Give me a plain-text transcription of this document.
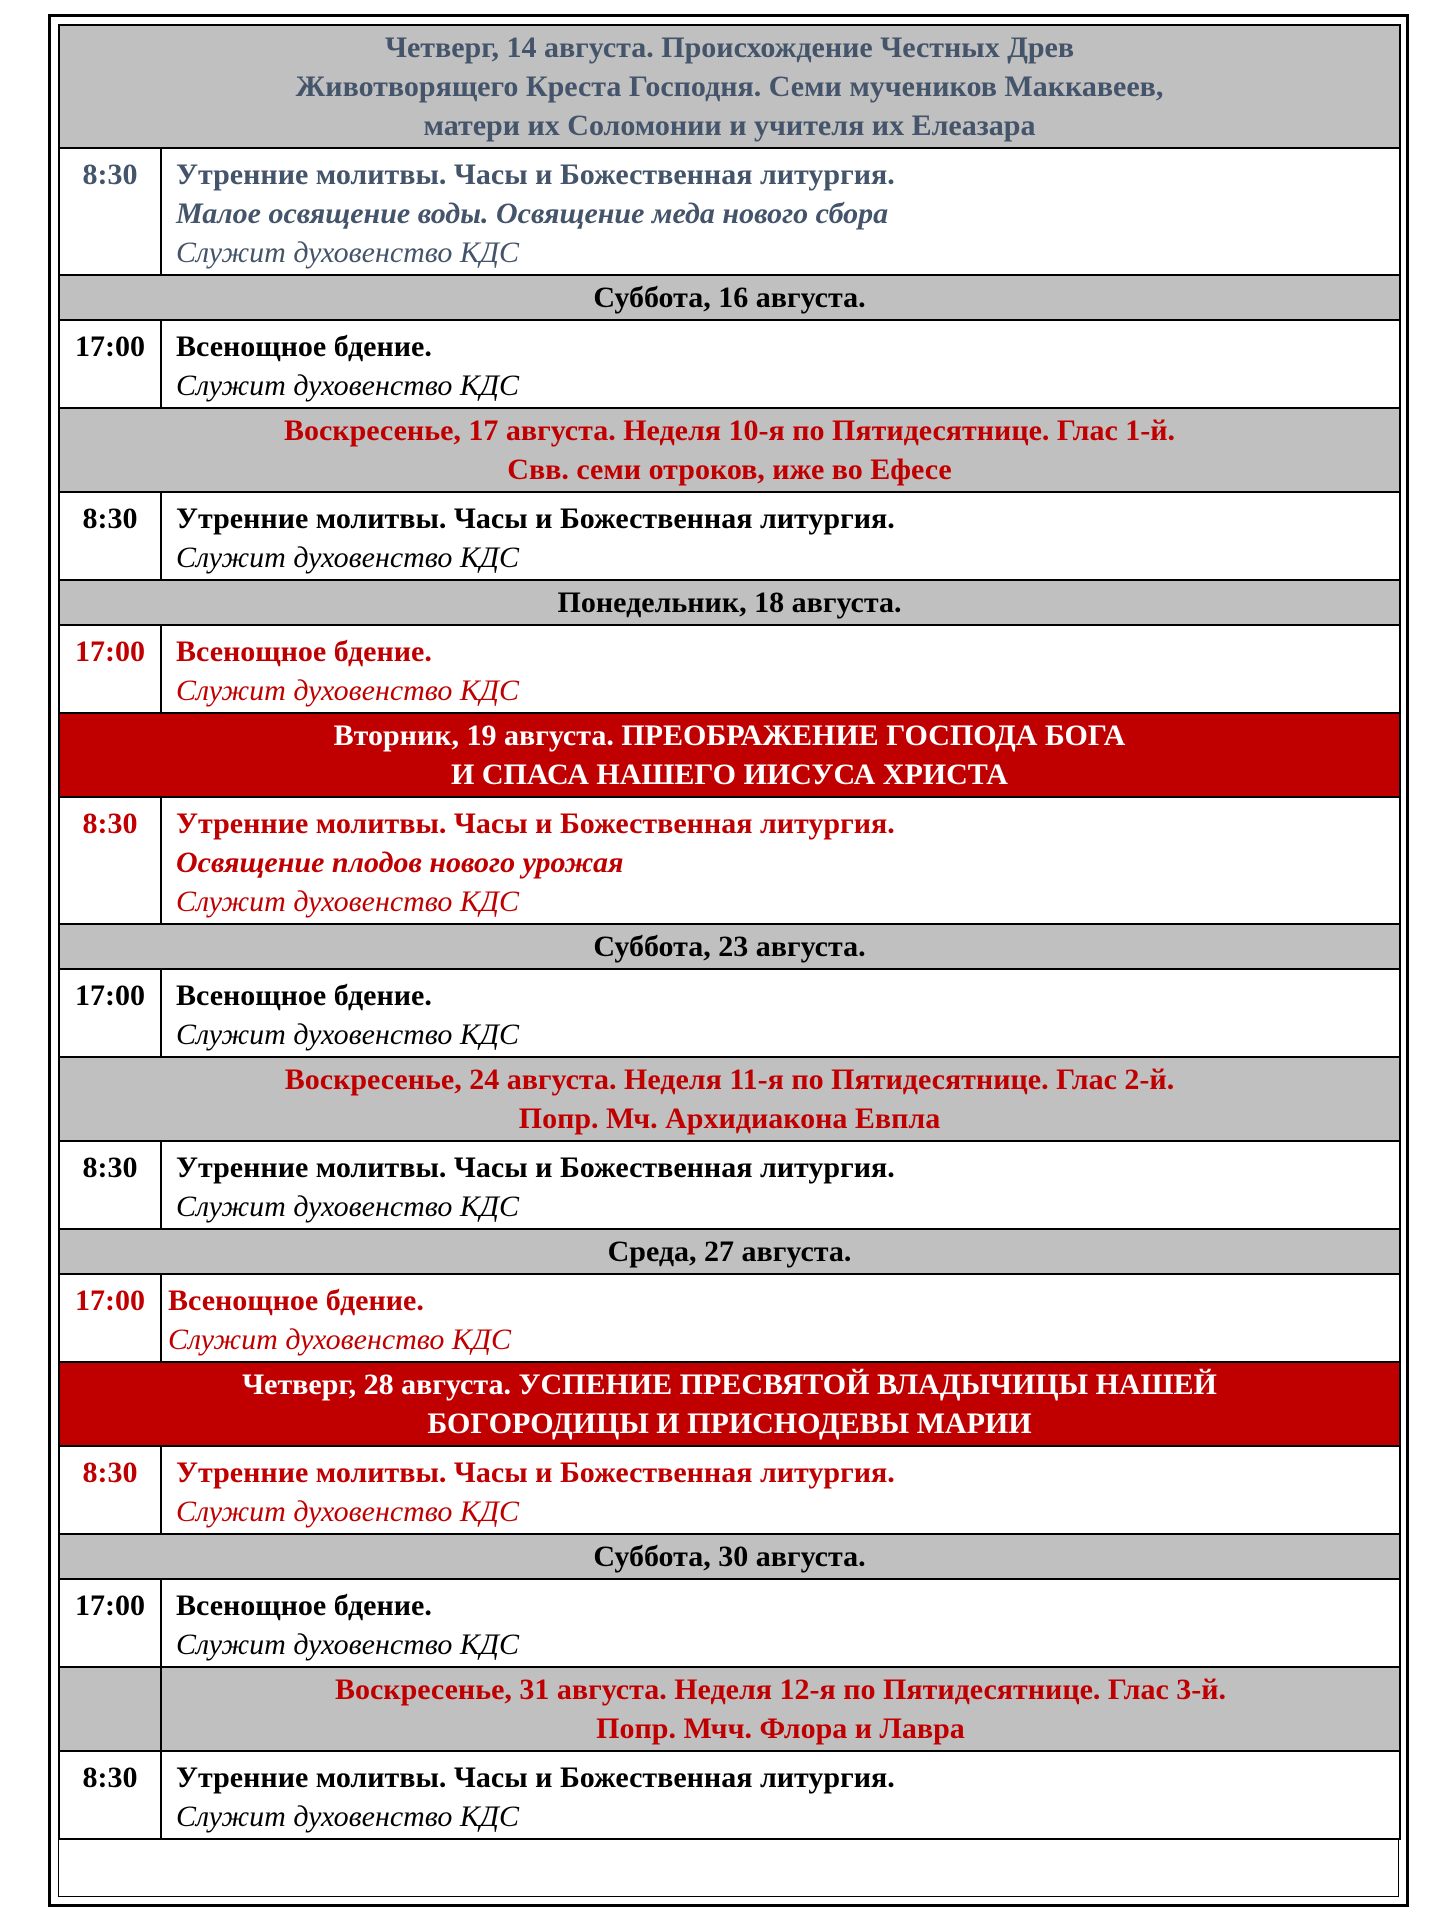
Четверг, 14 августа. Происхождение Честных Древ
Животворящего Креста Господня. Семи мучеников Маккавеев,
матери их Соломонии и учителя их Елеазара	

8:30	Утренние молитвы. Часы и Божественная литургия.
Малое освящение воды. Освящение меда нового сбора
Служит духовенство КДС

Суббота, 16 августа.	

17:00	Всенощное бдение.
Служит духовенство КДС

Воскресенье, 17 августа. Неделя 10-я по Пятидесятнице. Глас 1-й.
Свв. семи отроков, иже во Ефесе	

8:30	Утренние молитвы. Часы и Божественная литургия.
Служит духовенство КДС

Понедельник, 18 августа.	

17:00	Всенощное бдение.
Служит духовенство КДС

Вторник, 19 августа. ПРЕОБРАЖЕНИЕ ГОСПОДА БОГА
И СПАСА НАШЕГО ИИСУСА ХРИСТА	

8:30	Утренние молитвы. Часы и Божественная литургия.
Освящение плодов нового урожая
Служит духовенство КДС

Суббота, 23 августа.	

17:00	Всенощное бдение.
Служит духовенство КДС

Воскресенье, 24 августа. Неделя 11-я по Пятидесятнице. Глас 2-й.
Попр. Мч. Архидиакона Евпла	

8:30	Утренние молитвы. Часы и Божественная литургия.
Служит духовенство КДС

Среда, 27 августа.	

17:00	Всенощное бдение.
Служит духовенство КДС

Четверг, 28 августа. УСПЕНИЕ ПРЕСВЯТОЙ ВЛАДЫЧИЦЫ НАШЕЙ
БОГОРОДИЦЫ И ПРИСНОДЕВЫ МАРИИ	

8:30	Утренние молитвы. Часы и Божественная литургия.
Служит духовенство КДС

Суббота, 30 августа.	

17:00	Всенощное бдение.
Служит духовенство КДС

	Воскресенье, 31 августа. Неделя 12-я по Пятидесятнице. Глас 3-й.
Попр. Мчч. Флора и Лавра

8:30	Утренние молитвы. Часы и Божественная литургия.
Служит духовенство КДС
